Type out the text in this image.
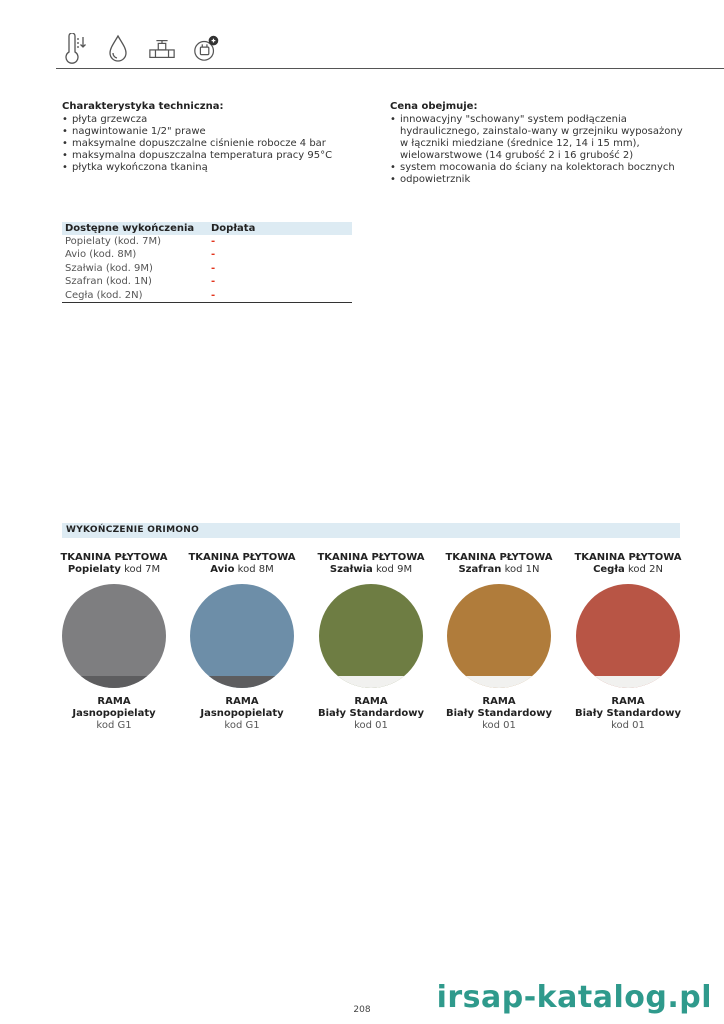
Charakterystyka techniczna:
• płyta grzewcza
• nagwintowanie 1/2" prawe
• maksymalne dopuszczalne ciśnienie robocze 4 bar
• maksymalna dopuszczalna temperatura pracy 95°C
• płytka wykończona tkaniną
Cena obejmuje:
• innowacyjny "schowany" system podłączenia hydraulicznego, zainstalo-wany w grzejniku wyposażony w łączniki miedziane (średnice 12, 14 i 15 mm), wielowarstwowe (14 grubość 2 i 16 grubość 2)
• system mocowania do ściany na kolektorach bocznych
• odpowietrznik
Dostępne wykończenia	Dopłata
Popielaty (kod. 7M)	-
Avio (kod. 8M)	-
Szałwia (kod. 9M)	-
Szafran (kod. 1N)	-
Cegła (kod. 2N)	-
WYKOŃCZENIE ORIMONO
TKANINA PŁYTOWA
Popielaty kod 7M
RAMA
Jasnopopielaty
kod G1
TKANINA PŁYTOWA
Avio kod 8M
RAMA
Jasnopopielaty
kod G1
TKANINA PŁYTOWA
Szałwia kod 9M
RAMA
Biały Standardowy
kod 01
TKANINA PŁYTOWA
Szafran kod 1N
RAMA
Biały Standardowy
kod 01
TKANINA PŁYTOWA
Cegła kod 2N
RAMA
Biały Standardowy
kod 01
208	irsap-katalog.pl
